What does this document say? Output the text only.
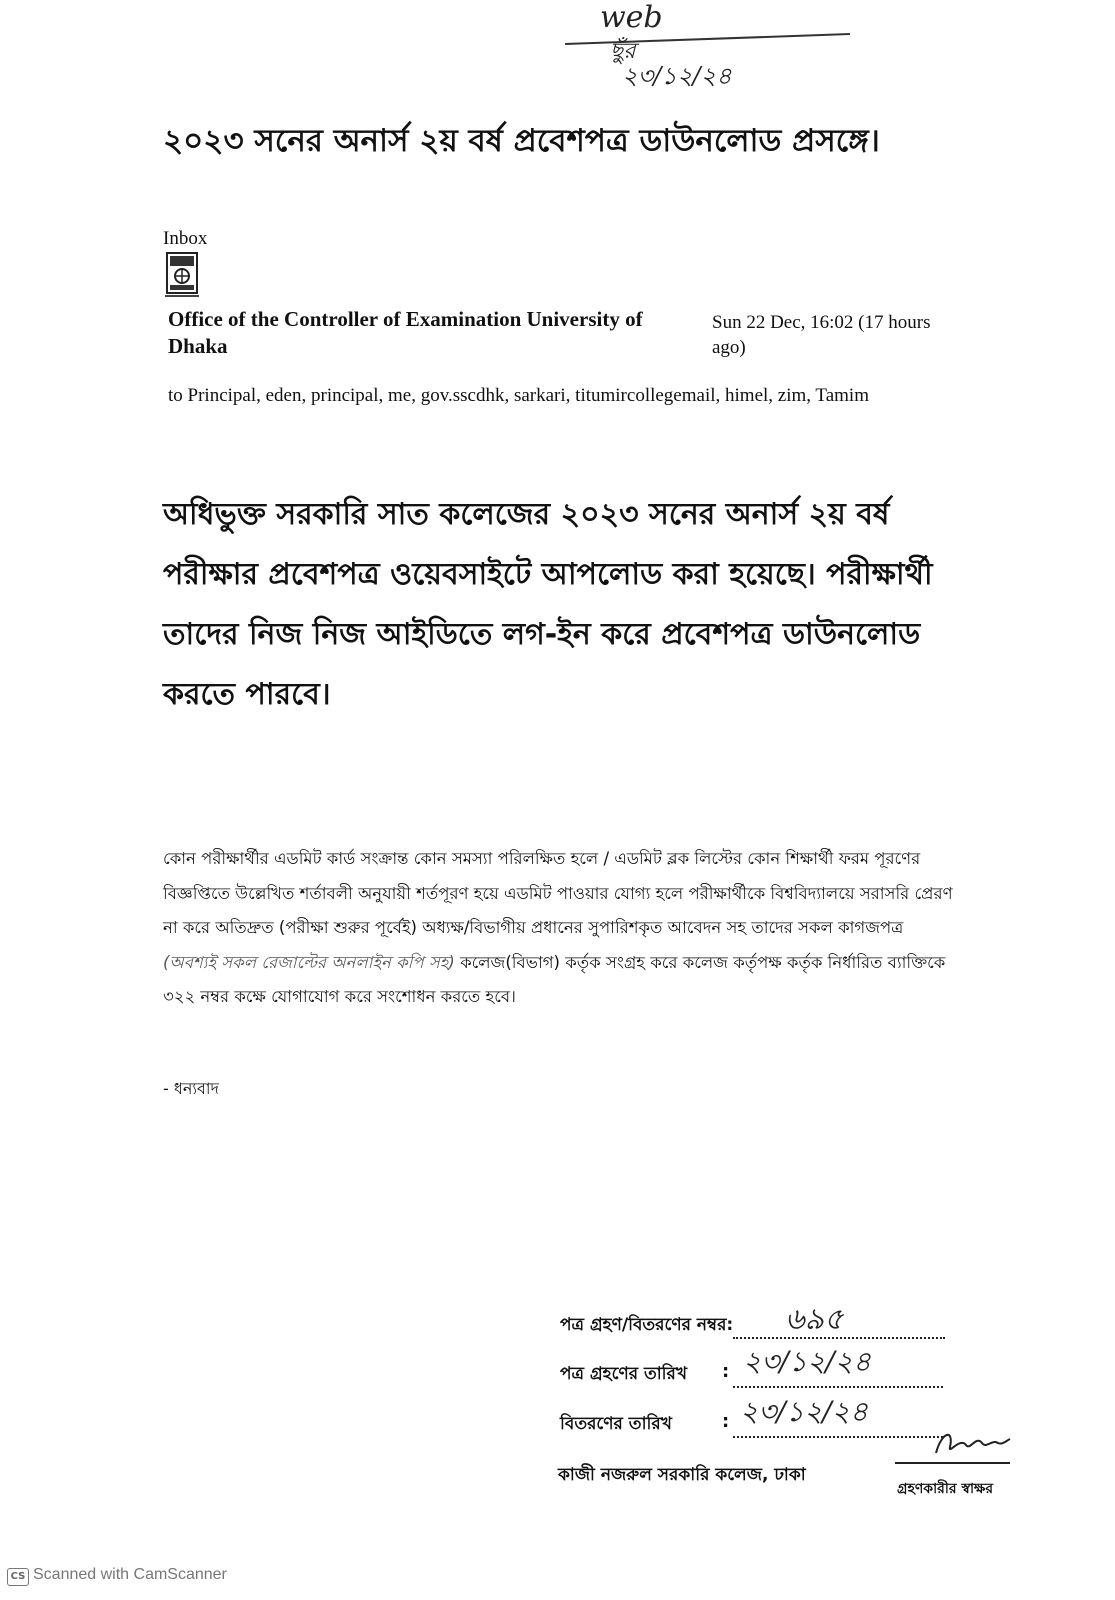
web
ছুঁর
২৩/১২/২৪
২০২৩ সনের অনার্স ২য় বর্ষ প্রবেশপত্র ডাউনলোড প্রসঙ্গে।
Inbox
Office of the Controller of Examination University of Dhaka
Sun 22 Dec, 16:02 (17 hours ago)
to Principal, eden, principal, me, gov.sscdhk, sarkari, titumircollegemail, himel, zim, Tamim
অধিভুক্ত সরকারি সাত কলেজের ২০২৩ সনের অনার্স ২য় বর্ষ পরীক্ষার প্রবেশপত্র ওয়েবসাইটে আপলোড করা হয়েছে। পরীক্ষার্থী তাদের নিজ নিজ আইডিতে লগ-ইন করে প্রবেশপত্র ডাউনলোড করতে পারবে।
কোন পরীক্ষার্থীর এডমিট কার্ড সংক্রান্ত কোন সমস্যা পরিলক্ষিত হলে / এডমিট ব্লক লিস্টের কোন শিক্ষার্থী ফরম পূরণের বিজ্ঞপ্তিতে উল্লেখিত শর্তাবলী অনুযায়ী শর্তপূরণ হয়ে এডমিট পাওয়ার যোগ্য হলে পরীক্ষার্থীকে বিশ্ববিদ্যালয়ে সরাসরি প্রেরণ না করে অতিদ্রুত (পরীক্ষা শুরুর পূর্বেই) অধ্যক্ষ/বিভাগীয় প্রধানের সুপারিশকৃত আবেদন সহ তাদের সকল কাগজপত্র (অবশ্যই সকল রেজাল্টের অনলাইন কপি সহ) কলেজ(বিভাগ) কর্তৃক সংগ্রহ করে কলেজ কর্তৃপক্ষ কর্তৃক নির্ধারিত ব্যাক্তিকে ৩২২ নম্বর কক্ষে যোগাযোগ করে সংশোধন করতে হবে।
- ধন্যবাদ
পত্র গ্রহণ/বিতরণের নম্বর: ৬৯৫
পত্র গ্রহণের তারিখ : ২৩/১২/২৪
বিতরণের তারিখ	: ২৩/১২/২৪
কাজী নজরুল সরকারি কলেজ, ঢাকা
গ্রহণকারীর স্বাক্ষর
CS Scanned with CamScanner
